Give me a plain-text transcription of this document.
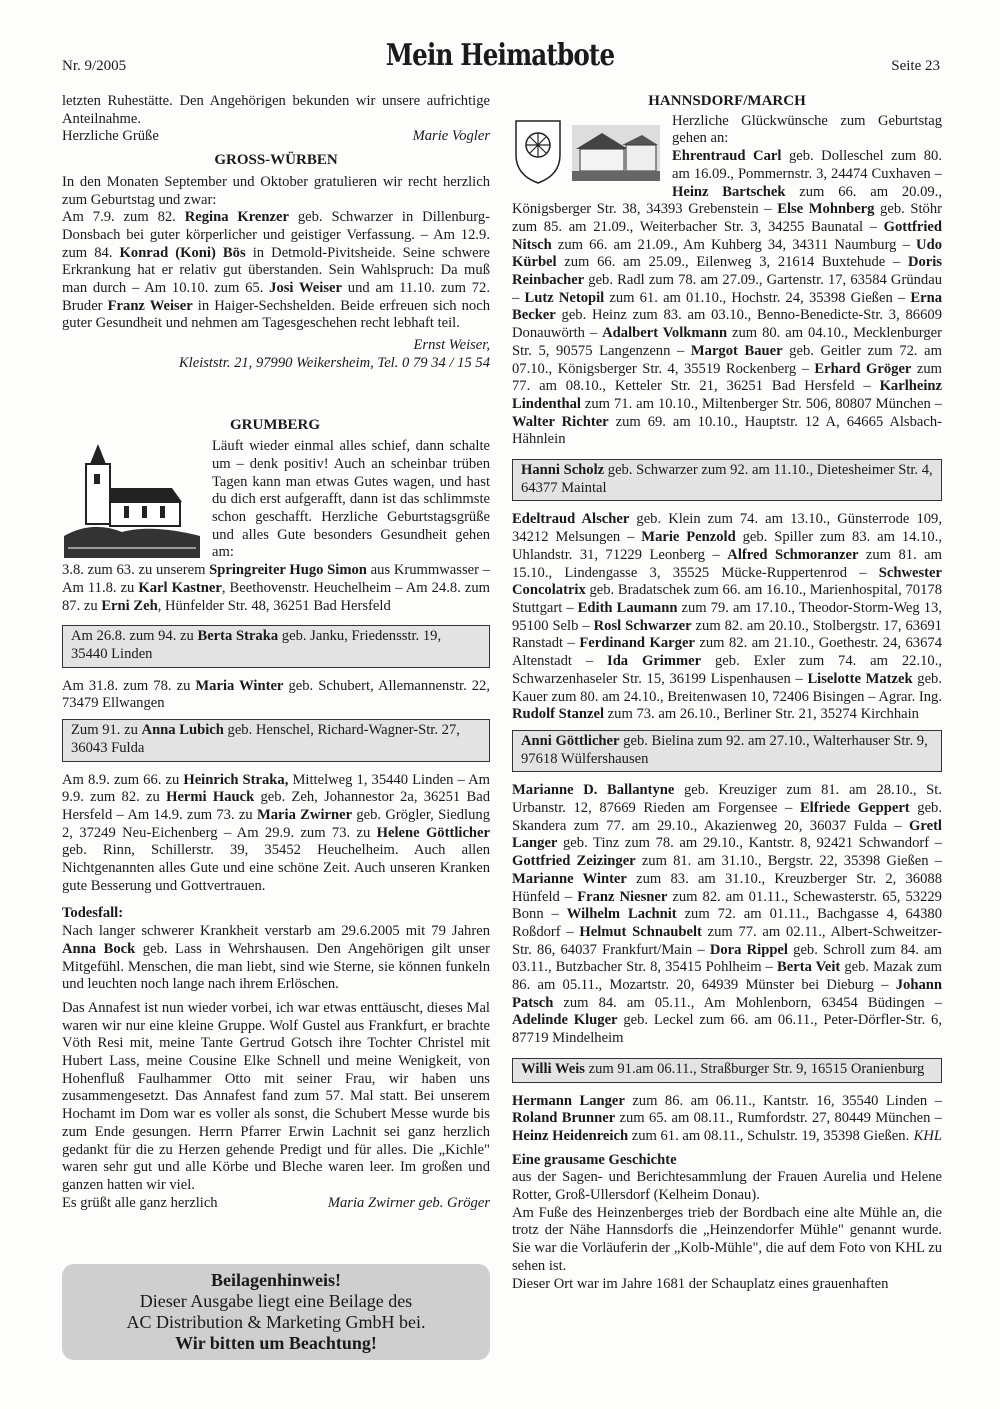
Nr. 9/2005	Mein Heimatbote	Seite 23

letzten Ruhestätte. Den Angehörigen bekunden wir unsere aufrichtige Anteilnahme.

Herzliche Grüße	Marie Vogler

GROSS-WÜRBEN

In den Monaten September und Oktober gratulieren wir recht herzlich zum Geburtstag und zwar:

Am 7.9. zum 82. Regina Krenzer geb. Schwarzer in Dillenburg-Donsbach bei guter körperlicher und geistiger Verfassung. – Am 12.9. zum 84. Konrad (Koni) Bös in Detmold-Pivitsheide. Seine schwere Erkrankung hat er relativ gut überstanden. Sein Wahlspruch: Da muß man durch – Am 10.10. zum 65. Josi Weiser und am 11.10. zum 72. Bruder Franz Weiser in Haiger-Sechshelden. Beide erfreuen sich noch guter Gesundheit und nehmen am Tagesgeschehen recht lebhaft teil.

Ernst Weiser,

Kleiststr. 21, 97990 Weikersheim, Tel. 0 79 34 / 15 54

GRUMBERG

Läuft wieder einmal alles schief, dann schalte um – denk positiv! Auch an scheinbar trüben Tagen kann man etwas Gutes wagen, und hast du dich erst aufgerafft, dann ist das schlimmste schon geschafft. Herzliche Geburtstagsgrüße und alles Gute besonders Gesundheit gehen am:

3.8. zum 63. zu unserem Springreiter Hugo Simon aus Krummwasser – Am 11.8. zu Karl Kastner, Beethovenstr. Heuchelheim – Am 24.8. zum 87. zu Erni Zeh, Hünfelder Str. 48, 36251 Bad Hersfeld

Am 26.8. zum 94. zu Berta Straka geb. Janku, Friedensstr. 19, 35440 Linden

Am 31.8. zum 78. zu Maria Winter geb. Schubert, Allemannenstr. 22, 73479 Ellwangen

Zum 91. zu Anna Lubich geb. Henschel, Richard-Wagner-Str. 27, 36043 Fulda

Am 8.9. zum 66. zu Heinrich Straka, Mittelweg 1, 35440 Linden – Am 9.9. zum 82. zu Hermi Hauck geb. Zeh, Johannestor 2a, 36251 Bad Hersfeld – Am 14.9. zum 73. zu Maria Zwirner geb. Grögler, Siedlung 2, 37249 Neu-Eichenberg – Am 29.9. zum 73. zu Helene Göttlicher geb. Rinn, Schillerstr. 39, 35452 Heuchelheim. Auch allen Nichtgenannten alles Gute und eine schöne Zeit. Auch unseren Kranken gute Besserung und Gottvertrauen.

Todesfall:

Nach langer schwerer Krankheit verstarb am 29.6.2005 mit 79 Jahren Anna Bock geb. Lass in Wehrshausen. Den Angehörigen gilt unser Mitgefühl. Menschen, die man liebt, sind wie Sterne, sie können funkeln und leuchten noch lange nach ihrem Erlöschen.

Das Annafest ist nun wieder vorbei, ich war etwas enttäuscht, dieses Mal waren wir nur eine kleine Gruppe. Wolf Gustel aus Frankfurt, er brachte Vöth Resi mit, meine Tante Gertrud Gotsch ihre Tochter Christel mit Hubert Lass, meine Cousine Elke Schnell und meine Wenigkeit, von Hohenfluß Faulhammer Otto mit seiner Frau, wir haben uns zusammengesetzt. Das Annafest fand zum 57. Mal statt. Bei unserem Hochamt im Dom war es voller als sonst, die Schubert Messe wurde bis zum Ende gesungen. Herrn Pfarrer Erwin Lachnit sei ganz herzlich gedankt für die zu Herzen gehende Predigt und für alles. Die „Kichle" waren sehr gut und alle Körbe und Bleche waren leer. Im großen und ganzen hatten wir viel.

Es grüßt alle ganz herzlich	Maria Zwirner geb. Gröger
Beilagenhinweis!
Dieser Ausgabe liegt eine Beilage des
AC Distribution & Marketing GmbH bei.
Wir bitten um Beachtung!

HANNSDORF/MARCH

Herzliche Glückwünsche zum Geburtstag gehen an:

Ehrentraud Carl geb. Dolleschel zum 80. am 16.09., Pommernstr. 3, 24474 Cuxhaven – Heinz Bartschek zum 66. am 20.09., Königsberger Str. 38, 34393 Grebenstein – Else Mohnberg geb. Stöhr zum 85. am 21.09., Weiterbacher Str. 3, 34255 Baunatal – Gottfried Nitsch zum 66. am 21.09., Am Kuhberg 34, 34311 Naumburg – Udo Kürbel zum 66. am 25.09., Eilenweg 3, 21614 Buxtehude – Doris Reinbacher geb. Radl zum 78. am 27.09., Gartenstr. 17, 63584 Gründau – Lutz Netopil zum 61. am 01.10., Hochstr. 24, 35398 Gießen – Erna Becker geb. Heinz zum 83. am 03.10., Benno-Benedicte-Str. 3, 86609 Donauwörth – Adalbert Volkmann zum 80. am 04.10., Mecklenburger Str. 5, 90575 Langenzenn – Margot Bauer geb. Geitler zum 72. am 07.10., Königsberger Str. 4, 35519 Rockenberg – Erhard Gröger zum 77. am 08.10., Ketteler Str. 21, 36251 Bad Hersfeld – Karlheinz Lindenthal zum 71. am 10.10., Miltenberger Str. 506, 80807 München – Walter Richter zum 69. am 10.10., Hauptstr. 12 A, 64665 Alsbach-Hähnlein

Hanni Scholz geb. Schwarzer zum 92. am 11.10., Dietesheimer Str. 4, 64377 Maintal

Edeltraud Alscher geb. Klein zum 74. am 13.10., Günsterrode 109, 34212 Melsungen – Marie Penzold geb. Spiller zum 83. am 14.10., Uhlandstr. 31, 71229 Leonberg – Alfred Schmoranzer zum 81. am 15.10., Lindengasse 3, 35525 Mücke-Ruppertenrod – Schwester Concolatrix geb. Bradatschek zum 66. am 16.10., Marienhospital, 70178 Stuttgart – Edith Laumann zum 79. am 17.10., Theodor-Storm-Weg 13, 95100 Selb – Rosl Schwarzer zum 82. am 20.10., Stolbergstr. 17, 63691 Ranstadt – Ferdinand Karger zum 82. am 21.10., Goethestr. 24, 63674 Altenstadt – Ida Grimmer geb. Exler zum 74. am 22.10., Schwarzenhaseler Str. 15, 36199 Lispenhausen – Liselotte Matzek geb. Kauer zum 80. am 24.10., Breitenwasen 10, 72406 Bisingen – Agrar. Ing. Rudolf Stanzel zum 73. am 26.10., Berliner Str. 21, 35274 Kirchhain

Anni Göttlicher geb. Bielina zum 92. am 27.10., Walterhauser Str. 9, 97618 Wülfershausen

Marianne D. Ballantyne geb. Kreuziger zum 81. am 28.10., St. Urbanstr. 12, 87669 Rieden am Forgensee – Elfriede Geppert geb. Skandera zum 77. am 29.10., Akazienweg 20, 36037 Fulda – Gretl Langer geb. Tinz zum 78. am 29.10., Kantstr. 8, 92421 Schwandorf – Gottfried Zeizinger zum 81. am 31.10., Bergstr. 22, 35398 Gießen – Marianne Winter zum 83. am 31.10., Kreuzberger Str. 2, 36088 Hünfeld – Franz Niesner zum 82. am 01.11., Schewasterstr. 65, 53229 Bonn – Wilhelm Lachnit zum 72. am 01.11., Bachgasse 4, 64380 Roßdorf – Helmut Schnaubelt zum 77. am 02.11., Albert-Schweitzer-Str. 86, 64037 Frankfurt/Main – Dora Rippel geb. Schroll zum 84. am 03.11., Butzbacher Str. 8, 35415 Pohlheim – Berta Veit geb. Mazak zum 86. am 05.11., Mozartstr. 20, 64939 Münster bei Dieburg – Johann Patsch zum 84. am 05.11., Am Mohlenborn, 63454 Büdingen – Adelinde Kluger geb. Leckel zum 66. am 06.11., Peter-Dörfler-Str. 6, 87719 Mindelheim

Willi Weis zum 91.am 06.11., Straßburger Str. 9, 16515 Oranienburg

Hermann Langer zum 86. am 06.11., Kantstr. 16, 35540 Linden – Roland Brunner zum 65. am 08.11., Rumfordstr. 27, 80449 München – Heinz Heidenreich zum 61. am 08.11., Schulstr. 19, 35398 Gießen. KHL

Eine grausame Geschichte

aus der Sagen- und Berichtesammlung der Frauen Aurelia und Helene Rotter, Groß-Ullersdorf (Kelheim Donau).

Am Fuße des Heinzenberges trieb der Bordbach eine alte Mühle an, die trotz der Nähe Hannsdorfs die „Heinzendorfer Mühle" genannt wurde. Sie war die Vorläuferin der „Kolb-Mühle", die auf dem Foto von KHL zu sehen ist.

Dieser Ort war im Jahre 1681 der Schauplatz eines grauenhaften
